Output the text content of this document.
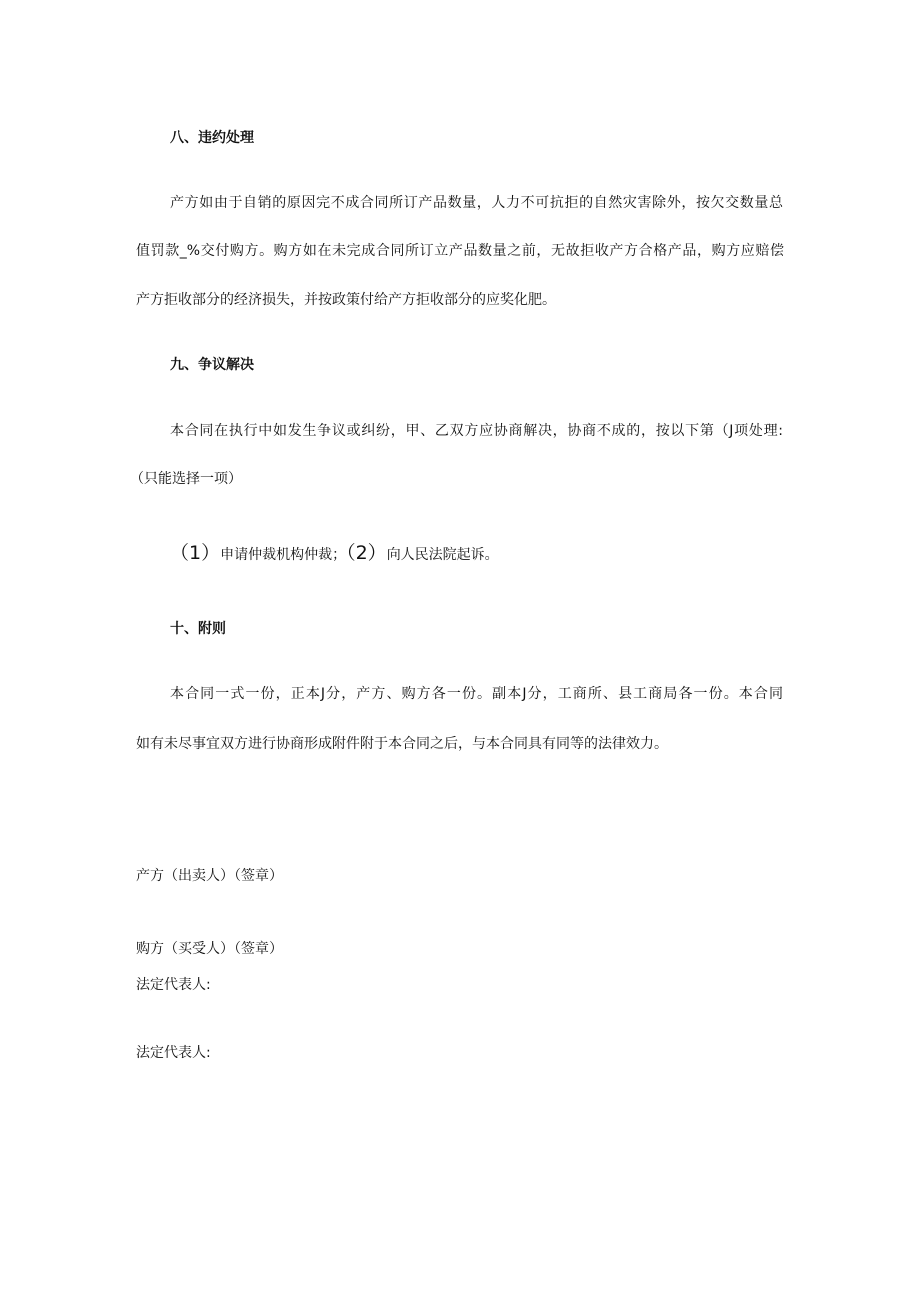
八、违约处理
产方如由于自销的原因完不成合同所订产品数量，人力不可抗拒的自然灾害除外，按欠交数量总
值罚款_%交付购方。购方如在未完成合同所订立产品数量之前，无故拒收产方合格产品，购方应赔偿
产方拒收部分的经济损失，并按政策付给产方拒收部分的应奖化肥。
九、争议解决
本合同在执行中如发生争议或纠纷，甲、乙双方应协商解决，协商不成的，按以下第（J项处理:
（只能选择一项）
（1）申请仲裁机构仲裁；（2）向人民法院起诉。
十、附则
本合同一式一份，正本J分，产方、购方各一份。副本J分，工商所、县工商局各一份。本合同
如有未尽事宜双方进行协商形成附件附于本合同之后，与本合同具有同等的法律效力。
产方（出卖人）（签章）
购方（买受人）（签章）
法定代表人:
法定代表人:
